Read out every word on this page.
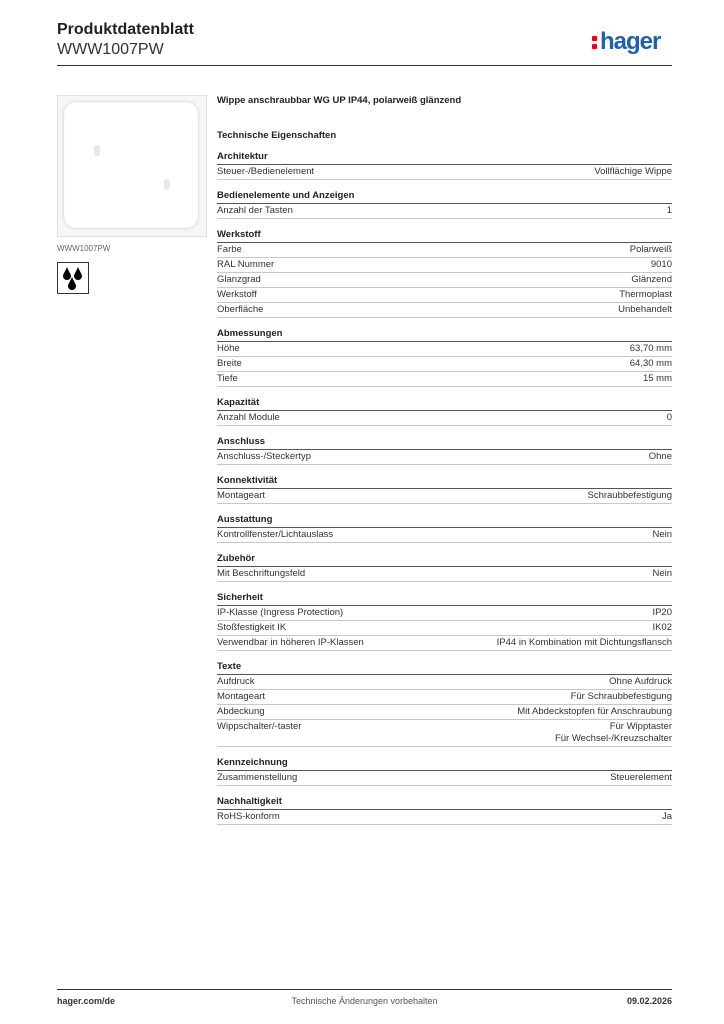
Produktdatenblatt
WWW1007PW	hager
WWW1007PW
Wippe anschraubbar WG UP IP44, polarweiß glänzend
Technische Eigenschaften
Architektur
Steuer-/Bedienelement	Vollflächige Wippe
Bedienelemente und Anzeigen
Anzahl der Tasten	1
Werkstoff
Farbe	Polarweiß
RAL Nummer	9010
Glanzgrad	Glänzend
Werkstoff	Thermoplast
Oberfläche	Unbehandelt
Abmessungen
Höhe	63,70 mm
Breite	64,30 mm
Tiefe	15 mm
Kapazität
Anzahl Module	0
Anschluss
Anschluss-/Steckertyp	Ohne
Konnektivität
Montageart	Schraubbefestigung
Ausstattung
Kontrollfenster/Lichtauslass	Nein
Zubehör
Mit Beschriftungsfeld	Nein
Sicherheit
IP-Klasse (Ingress Protection)	IP20
Stoßfestigkeit IK	IK02
Verwendbar in höheren IP-Klassen	IP44 in Kombination mit Dichtungsflansch
Texte
Aufdruck	Ohne Aufdruck
Montageart	Für Schraubbefestigung
Abdeckung	Mit Abdeckstopfen für Anschraubung
Wippschalter/-taster	Für Wipptaster
Für Wechsel-/Kreuzschalter
Kennzeichnung
Zusammenstellung	Steuerelement
Nachhaltigkeit
RoHS-konform	Ja
hager.com/de	Technische Änderungen vorbehalten	09.02.2026
